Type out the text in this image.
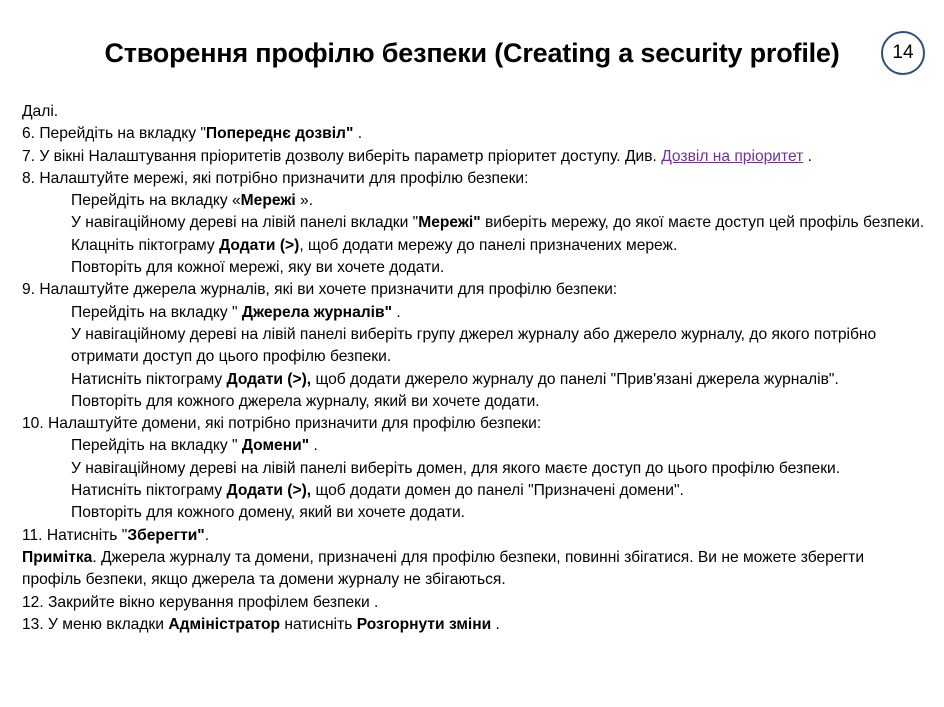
Створення профілю безпеки (Creating a security profile)	14
Далі.
6. Перейдіть на вкладку "Попереднє дозвіл" .
7. У вікні Налаштування пріоритетів дозволу виберіть параметр пріоритет доступу. Див. Дозвіл на пріоритет .
8. Налаштуйте мережі, які потрібно призначити для профілю безпеки:
Перейдіть на вкладку «Мережі ».
У навігаційному дереві на лівій панелі вкладки "Мережі" виберіть мережу, до якої маєте доступ цей профіль безпеки.
Клацніть піктограму Додати (>), щоб додати мережу до панелі призначених мереж.
Повторіть для кожної мережі, яку ви хочете додати.
9. Налаштуйте джерела журналів, які ви хочете призначити для профілю безпеки:
Перейдіть на вкладку " Джерела журналів" .
У навігаційному дереві на лівій панелі виберіть групу джерел журналу або джерело журналу, до якого потрібно отримати доступ до цього профілю безпеки.
Натисніть піктограму Додати (>), щоб додати джерело журналу до панелі "Прив'язані джерела журналів".
Повторіть для кожного джерела журналу, який ви хочете додати.
10. Налаштуйте домени, які потрібно призначити для профілю безпеки:
Перейдіть на вкладку " Домени" .
У навігаційному дереві на лівій панелі виберіть домен, для якого маєте доступ до цього профілю безпеки.
Натисніть піктограму Додати (>), щоб додати домен до панелі "Призначені домени".
Повторіть для кожного домену, який ви хочете додати.
11. Натисніть "Зберегти".
Примітка. Джерела журналу та домени, призначені для профілю безпеки, повинні збігатися. Ви не можете зберегти профіль безпеки, якщо джерела та домени журналу не збігаються.
12. Закрийте вікно керування профілем безпеки .
13. У меню вкладки Адміністратор натисніть Розгорнути зміни .
